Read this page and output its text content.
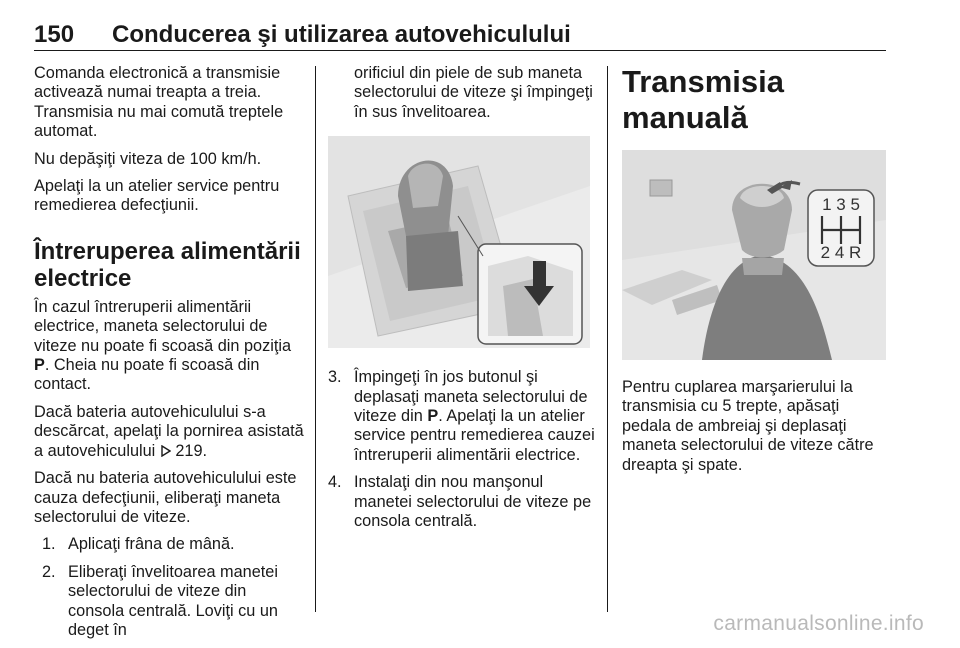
150 Conducerea şi utilizarea autovehiculului

Comanda electronică a transmisie activează numai treapta a treia. Transmisia nu mai comută treptele automat.

Nu depăşiţi viteza de 100 km/h.

Apelaţi la un atelier service pentru remedierea defecţiunii.

Întreruperea alimentării electrice

În cazul întreruperii alimentării electrice, maneta selectorului de viteze nu poate fi scoasă din poziţia P. Cheia nu poate fi scoasă din contact.

Dacă bateria autovehiculului s-a descărcat, apelaţi la pornirea asistată a autovehiculului  219.

Dacă nu bateria autovehiculului este cauza defecţiunii, eliberaţi maneta selectorului de viteze.

1. Aplicaţi frâna de mână.
2. Eliberaţi învelitoarea manetei selectorului de viteze din consola centrală. Loviţi cu un deget în

orificiul din piele de sub maneta selectorului de viteze şi împingeţi în sus învelitoarea.

3. Împingeţi în jos butonul şi deplasaţi maneta selectorului de viteze din P. Apelaţi la un atelier service pentru remedierea cauzei întreruperii alimentării electrice.
4. Instalaţi din nou manşonul manetei selectorului de viteze pe consola centrală.
Transmisia manuală
1 3 5
2 4 R

Pentru cuplarea marşarierului la transmisia cu 5 trepte, apăsaţi pedala de ambreiaj şi deplasaţi maneta selectorului de viteze către dreapta şi spate.

carmanualsonline.info
